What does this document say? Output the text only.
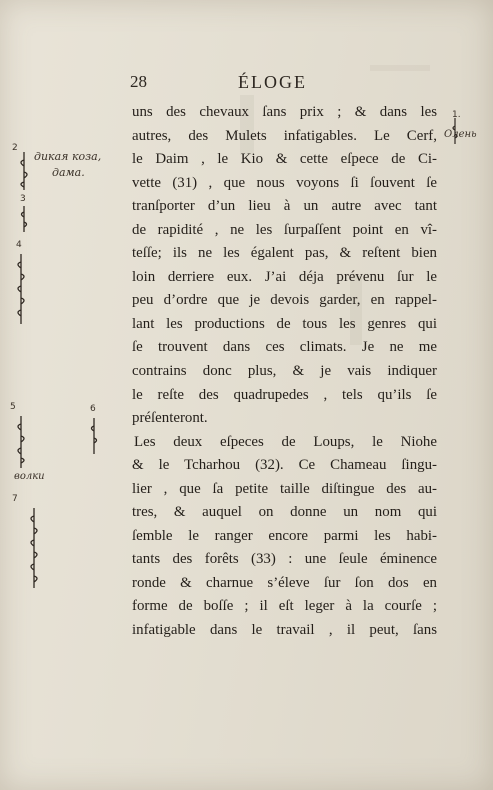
28	ÉLOGE
uns des chevaux ſans prix ; & dans les
autres, des Mulets infatigables. Le Cerf,
le Daim , le Kio & cette eſpece de Ci-
vette (31) , que nous voyons ſi ſouvent ſe
tranſporter d’un lieu à un autre avec tant
de rapidité , ne les ſurpaſſent point en vî-
teſſe; ils ne les égalent pas, & reſtent bien
loin derriere eux. J’ai déja prévenu ſur le
peu d’ordre que je devois garder, en rappel-
lant les productions de tous les genres qui
ſe trouvent dans ces climats. Je ne me
contrains donc plus, & je vais indiquer
le reſte des quadrupedes , tels qu’ils ſe
préſenteront.
Les deux eſpeces de Loups, le Niohe
& le Tcharhou (32). Ce Chameau ſingu-
lier , que ſa petite taille diſtingue des au-
tres, & auquel on donne un nom qui
ſemble le ranger encore parmi les habi-
tants des forêts (33) : une ſeule éminence
ronde & charnue s’éleve ſur ſon dos en
forme de boſſe ; il eſt leger à la courſe ;
infatigable dans le travail , il peut, ſans
1.
Олень
2
дикая коза,
дама.
3
4
5	6
волки
7
